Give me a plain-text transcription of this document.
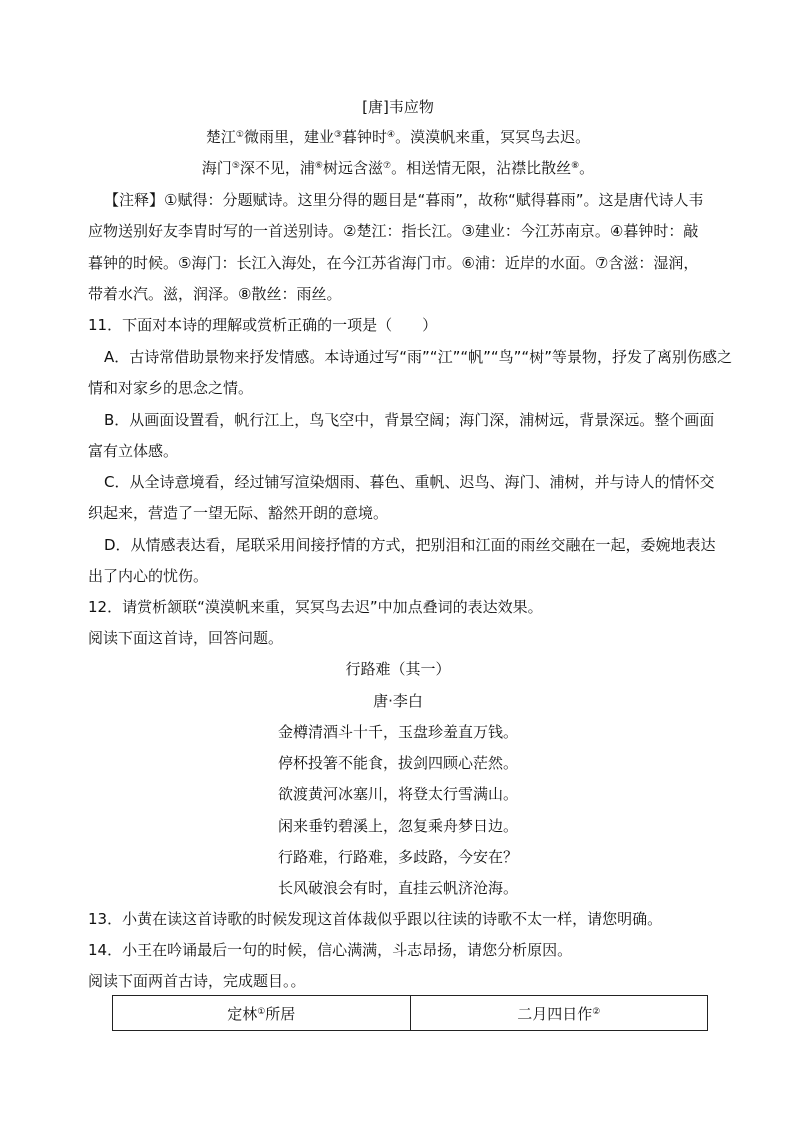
[唐]韦应物
楚江①微雨里，建业③暮钟时④。漠漠帆来重，冥冥鸟去迟。
海门⑤深不见，浦⑥树远含滋⑦。相送情无限，沾襟比散丝⑧。
【注释】①赋得：分题赋诗。这里分得的题目是“暮雨”，故称“赋得暮雨”。这是唐代诗人韦
应物送别好友李胄时写的一首送别诗。②楚江：指长江。③建业：今江苏南京。④暮钟时：敲
暮钟的时候。⑤海门：长江入海处，在今江苏省海门市。⑥浦：近岸的水面。⑦含滋：湿润，
带着水汽。滋，润泽。⑧散丝：雨丝。
11．下面对本诗的理解或赏析正确的一项是（　　）
A．古诗常借助景物来抒发情感。本诗通过写“雨”“江”“帆”“鸟”“树”等景物，抒发了离别伤感之
情和对家乡的思念之情。
B．从画面设置看，帆行江上，鸟飞空中，背景空阔；海门深，浦树远，背景深远。整个画面
富有立体感。
C．从全诗意境看，经过铺写渲染烟雨、暮色、重帆、迟鸟、海门、浦树，并与诗人的情怀交
织起来，营造了一望无际、豁然开朗的意境。
D．从情感表达看，尾联采用间接抒情的方式，把别泪和江面的雨丝交融在一起，委婉地表达
出了内心的忧伤。
12．请赏析颔联“漠漠帆来重，冥冥鸟去迟”中加点叠词的表达效果。
阅读下面这首诗，回答问题。
行路难（其一）
唐·李白
金樽清酒斗十千，玉盘珍羞直万钱。
停杯投箸不能食，拔剑四顾心茫然。
欲渡黄河冰塞川，将登太行雪满山。
闲来垂钓碧溪上，忽复乘舟梦日边。
行路难，行路难，多歧路，今安在？
长风破浪会有时，直挂云帆济沧海。
13．小黄在读这首诗歌的时候发现这首体裁似乎跟以往读的诗歌不太一样，请您明确。
14．小王在吟诵最后一句的时候，信心满满，斗志昂扬，请您分析原因。
阅读下面两首古诗，完成题目。。
定林①所居	二月四日作②
